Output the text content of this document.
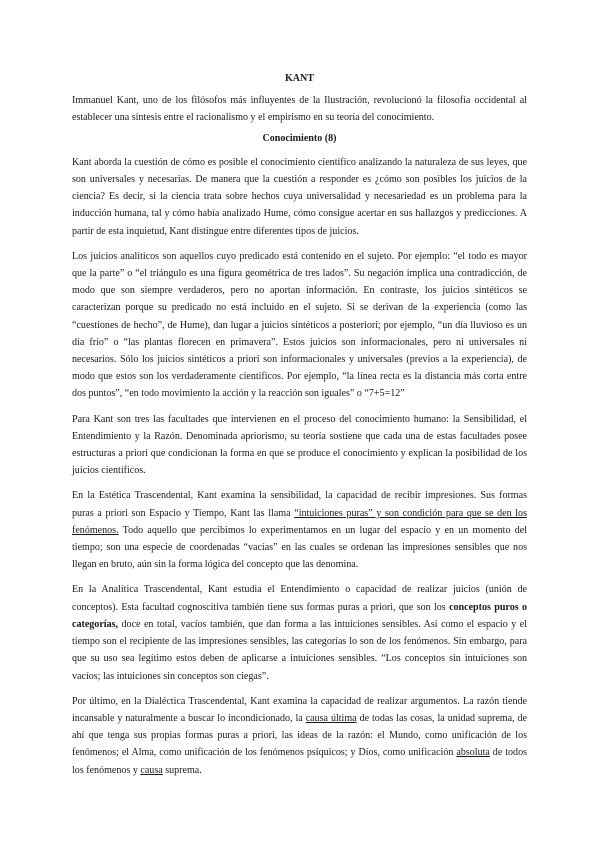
KANT

Immanuel Kant, uno de los filósofos más influyentes de la Ilustración, revolucionó la filosofía occidental al establecer una síntesis entre el racionalismo y el empirismo en su teoría del conocimiento.

Conocimiento (8)

Kant aborda la cuestión de cómo es posible el conocimiento científico analizando la naturaleza de sus leyes, que son universales y necesarias. De manera que la cuestión a responder es ¿cómo son posibles los juicios de la ciencia? Es decir, si la ciencia trata sobre hechos cuya universalidad y necesariedad es un problema para la inducción humana, tal y cómo había analizado Hume, cómo consigue acertar en sus hallazgos y predicciones. A partir de esta inquietud, Kant distingue entre diferentes tipos de juicios.

Los juicios analíticos son aquellos cuyo predicado está contenido en el sujeto. Por ejemplo: “el todo es mayor que la parte” o “el triángulo es una figura geométrica de tres lados”. Su negación implica una contradicción, de modo que son siempre verdaderos, pero no aportan información. En contraste, los juicios sintéticos se caracterizan porque su predicado no está incluido en el sujeto. Si se derivan de la experiencia (como las “cuestiones de hecho”, de Hume), dan lugar a juicios sintéticos a posteriori; por ejemplo, “un día lluvioso es un día frío” o “las plantas florecen en primavera”. Estos juicios son informacionales, pero ni universales ni necesarios. Sólo los juicios sintéticos a priori son informacionales y universales (previos a la experiencia), de modo que estos son los verdaderamente científicos. Por ejemplo, “la línea recta es la distancia más corta entre dos puntos”, “en todo movimiento la acción y la reacción son iguales” o “7+5=12”

Para Kant son tres las facultades que intervienen en el proceso del conocimiento humano: la Sensibilidad, el Entendimiento y la Razón. Denominada apriorismo, su teoría sostiene que cada una de estas facultades posee estructuras a priori que condicionan la forma en que se produce el conocimiento y explican la posibilidad de los juicios científicos.

En la Estética Trascendental, Kant examina la sensibilidad, la capacidad de recibir impresiones. Sus formas puras a priori son Espacio y Tiempo, Kant las llama “intuiciones puras” y son condición para que se den los fenómenos. Todo aquello que percibimos lo experimentamos en un lugar del espacio y en un momento del tiempo; son una especie de coordenadas “vacías” en las cuales se ordenan las impresiones sensibles que nos llegan en bruto, aún sin la forma lógica del concepto que las denomina.

En la Analítica Trascendental, Kant estudia el Entendimiento o capacidad de realizar juicios (unión de conceptos). Esta facultad cognoscitiva también tiene sus formas puras a priori, que son los conceptos puros o categorías, doce en total, vacíos también, que dan forma a las intuiciones sensibles. Así como el espacio y el tiempo son el recipiente de las impresiones sensibles, las categorías lo son de los fenómenos. Sin embargo, para que su uso sea legítimo estos deben de aplicarse a intuiciones sensibles. “Los conceptos sin intuiciones son vacíos; las intuiciones sin conceptos son ciegas”.

Por último, en la Dialéctica Trascendental, Kant examina la capacidad de realizar argumentos. La razón tiende incansable y naturalmente a buscar lo incondicionado, la causa última de todas las cosas, la unidad suprema, de ahí que tenga sus propias formas puras a priori, las ideas de la razón: el Mundo, como unificación de los fenómenos; el Alma, como unificación de los fenómenos psíquicos; y Dios, como unificación absoluta de todos los fenómenos y causa suprema.
